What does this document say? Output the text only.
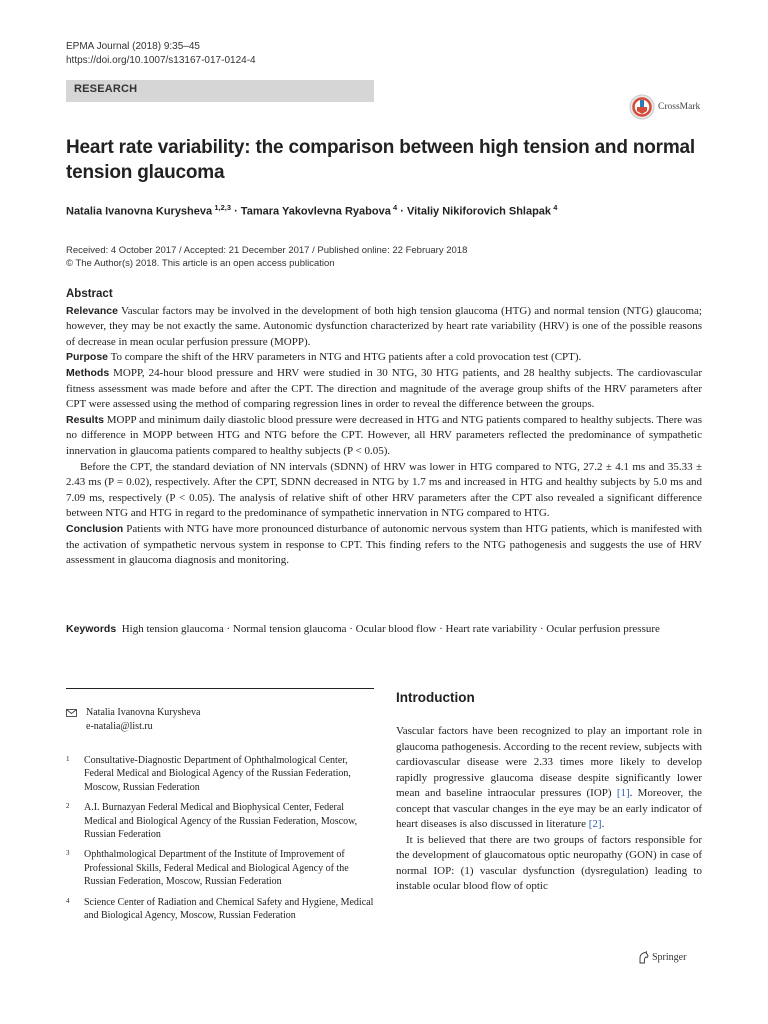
EPMA Journal (2018) 9:35–45
https://doi.org/10.1007/s13167-017-0124-4
RESEARCH
CrossMark
Heart rate variability: the comparison between high tension and normal tension glaucoma
Natalia Ivanovna Kurysheva  $^{1,2,3}$ · Tamara Yakovlevna Ryabova  $^4$ · Vitaliy Nikiforovich Shlapak  $^4$
Received: 4 October 2017 / Accepted: 21 December 2017 / Published online: 22 February 2018
© The Author(s) 2018. This article is an open access publication
Abstract

Relevance Vascular factors may be involved in the development of both high tension glaucoma (HTG) and normal tension (NTG) glaucoma; however, they may be not exactly the same. Autonomic dysfunction characterized by heart rate variability (HRV) is one of the possible reasons of decrease in mean ocular perfusion pressure (MOPP).

Purpose To compare the shift of the HRV parameters in NTG and HTG patients after a cold provocation test (CPT).

Methods MOPP, 24-hour blood pressure and HRV were studied in 30 NTG, 30 HTG patients, and 28 healthy subjects. The cardiovascular fitness assessment was made before and after the CPT. The direction and magnitude of the average group shifts of the HRV parameters after CPT were assessed using the method of comparing regression lines in order to reveal the difference between the groups.

Results MOPP and minimum daily diastolic blood pressure were decreased in HTG and NTG patients compared to healthy subjects. There was no difference in MOPP between HTG and NTG before the CPT. However, all HRV parameters reflected the predominance of sympathetic innervation in glaucoma patients compared to healthy subjects (P < 0.05).

Before the CPT, the standard deviation of NN intervals (SDNN) of HRV was lower in HTG compared to NTG, 27.2 ± 4.1 ms and 35.33 ± 2.43 ms (P = 0.02), respectively. After the CPT, SDNN decreased in NTG by 1.7 ms and increased in HTG and healthy subjects by 5.0 ms and 7.09 ms, respectively (P < 0.05). The analysis of relative shift of other HRV parameters after the CPT also revealed a significant difference between NTG and HTG in regard to the predominance of sympathetic innervation in NTG compared to HTG.

Conclusion Patients with NTG have more pronounced disturbance of autonomic nervous system than HTG patients, which is manifested with the activation of sympathetic nervous system in response to CPT. This finding refers to the NTG pathogenesis and suggests the use of HRV assessment in glaucoma diagnosis and monitoring.

Keywords High tension glaucoma · Normal tension glaucoma · Ocular blood flow · Heart rate variability · Ocular perfusion pressure
Natalia Ivanovna Kurysheva
e-natalia@list.ru
1	Consultative-Diagnostic Department of Ophthalmological Center, Federal Medical and Biological Agency of the Russian Federation, Moscow, Russian Federation
2	A.I. Burnazyan Federal Medical and Biophysical Center, Federal Medical and Biological Agency of the Russian Federation, Moscow, Russian Federation
3	Ophthalmological Department of the Institute of Improvement of Professional Skills, Federal Medical and Biological Agency of the Russian Federation, Moscow, Russian Federation
4	Science Center of Radiation and Chemical Safety and Hygiene, Medical and Biological Agency, Moscow, Russian Federation
Introduction

Vascular factors have been recognized to play an important role in glaucoma pathogenesis. According to the recent review, subjects with cardiovascular disease were 2.33 times more likely to develop rapidly progressive glaucoma disease despite significantly lower mean and baseline intraocular pressures (IOP) [1]. Moreover, the concept that vascular changes in the eye may be an early indicator of heart diseases is also discussed in literature [2].

It is believed that there are two groups of factors responsible for the development of glaucomatous optic neuropathy (GON) in case of normal IOP: (1) vascular dysfunction (dysregulation) leading to instable ocular blood flow of optic

Springer
